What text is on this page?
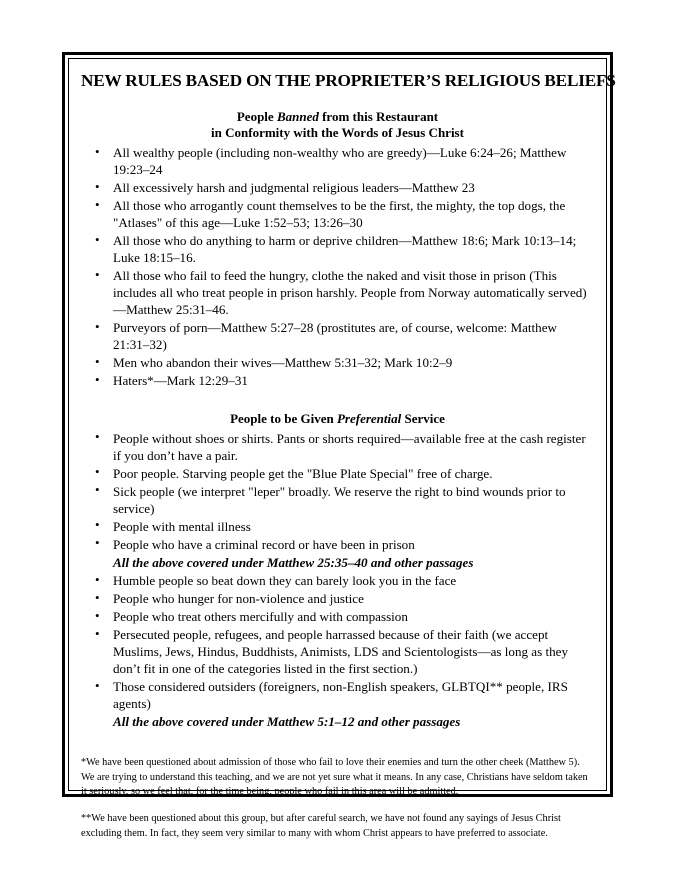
NEW RULES BASED ON THE PROPRIETER’S RELIGIOUS BELIEFS
People Banned from this Restaurant
in Conformity with the Words of Jesus Christ
• All wealthy people (including non-wealthy who are greedy)—Luke 6:24–26; Matthew 19:23–24
• All excessively harsh and judgmental religious leaders—Matthew 23
• All those who arrogantly count themselves to be the first, the mighty, the top dogs, the "Atlases" of this age—Luke 1:52–53; 13:26–30
• All those who do anything to harm or deprive children—Matthew 18:6; Mark 10:13–14; Luke 18:15–16.
• All those who fail to feed the hungry, clothe the naked and visit those in prison (This includes all who treat people in prison harshly. People from Norway automatically served)—Matthew 25:31–46.
• Purveyors of porn—Matthew 5:27–28 (prostitutes are, of course, welcome: Matthew 21:31–32)
• Men who abandon their wives—Matthew 5:31–32; Mark 10:2–9
• Haters*—Mark 12:29–31
People to be Given Preferential Service
• People without shoes or shirts. Pants or shorts required—available free at the cash register if you don’t have a pair.
• Poor people. Starving people get the "Blue Plate Special" free of charge.
• Sick people (we interpret "leper" broadly. We reserve the right to bind wounds prior to service)
• People with mental illness
• People who have a criminal record or have been in prison
All the above covered under Matthew 25:35–40 and other passages
• Humble people so beat down they can barely look you in the face
• People who hunger for non-violence and justice
• People who treat others mercifully and with compassion
• Persecuted people, refugees, and people harrassed because of their faith (we accept Muslims, Jews, Hindus, Buddhists, Animists, LDS and Scientologists—as long as they don’t fit in one of the categories listed in the first section.)
• Those considered outsiders (foreigners, non-English speakers, GLBTQI** people, IRS agents)
All the above covered under Matthew 5:1–12 and other passages

*We have been questioned about admission of those who fail to love their enemies and turn the other cheek (Matthew 5). We are trying to understand this teaching, and we are not yet sure what it means. In any case, Christians have seldom taken it seriously, so we feel that, for the time being, people who fail in this area will be admitted.

**We have been questioned about this group, but after careful search, we have not found any sayings of Jesus Christ excluding them. In fact, they seem very similar to many with whom Christ appears to have preferred to associate.
